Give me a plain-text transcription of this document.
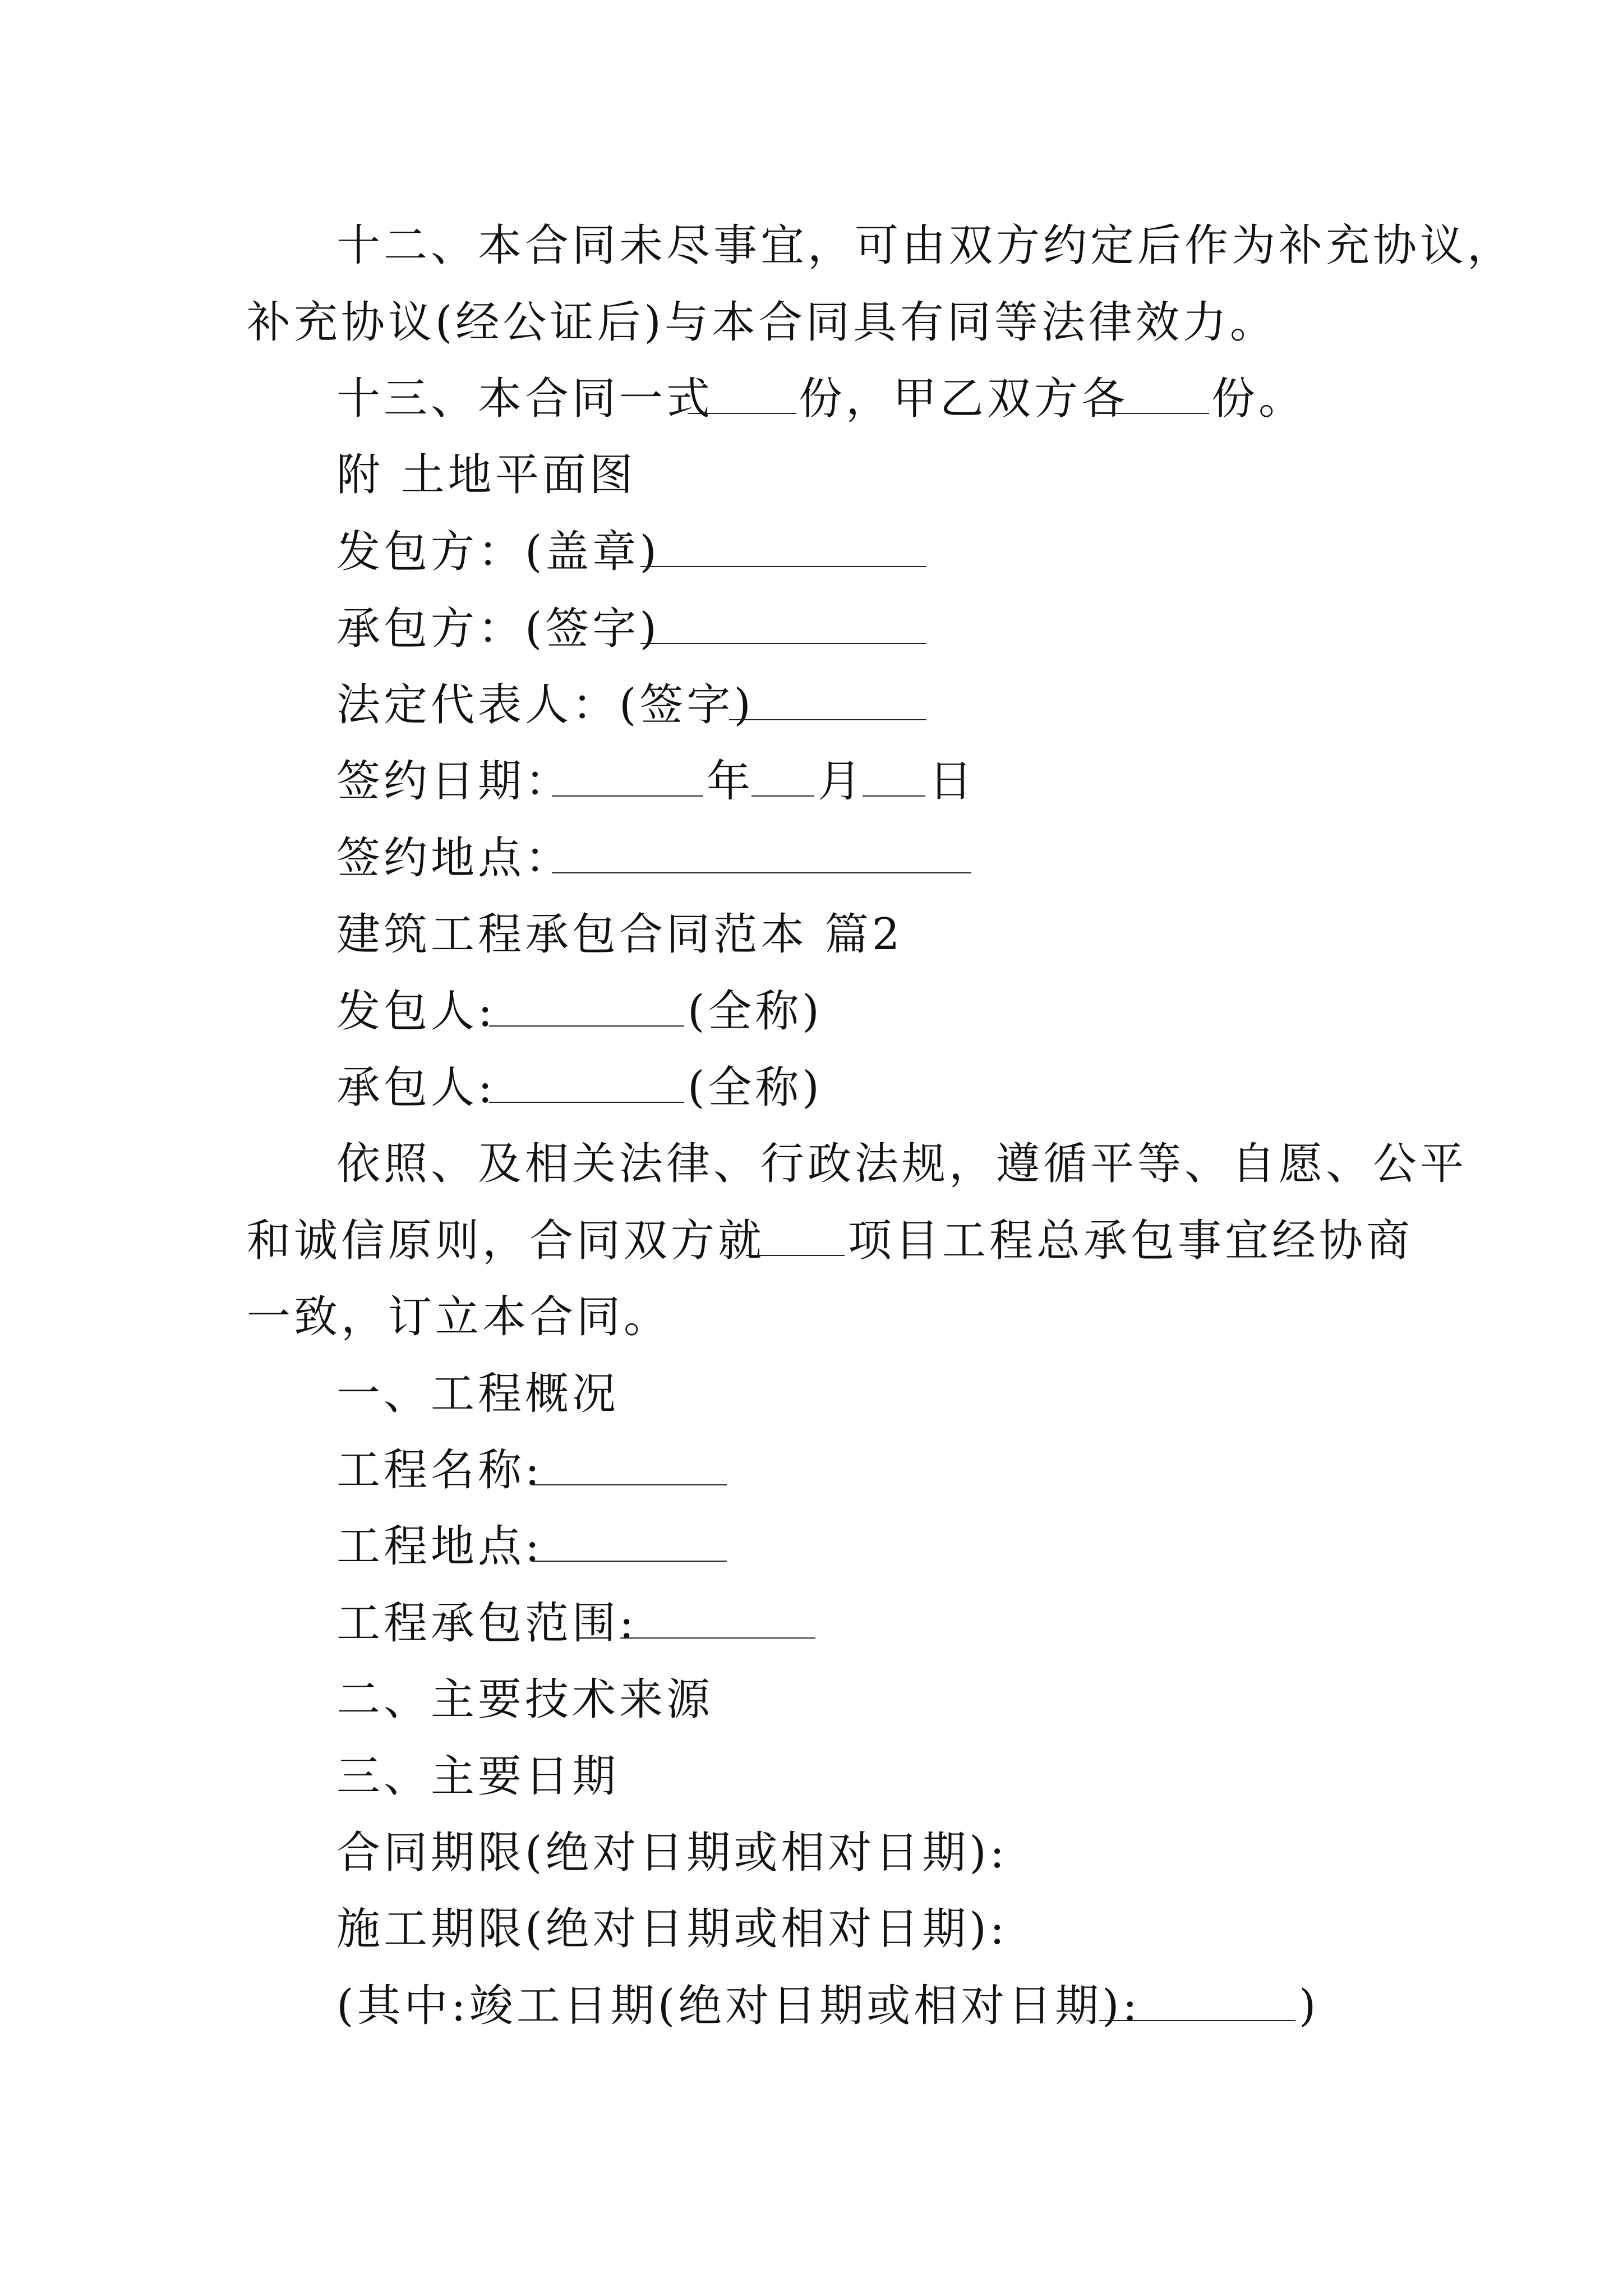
十二、本合同未尽事宜，可由双方约定后作为补充协议，
补充协议(经公证后)与本合同具有同等法律效力。
十三、本合同一式 份，甲乙双方各 份。
附 土地平面图
发包方：(盖章)
承包方：(签字)
法定代表人：(签字)
签约日期：	年 月 日
签约地点：
建筑工程承包合同范本 篇2
发包人:	(全称)
承包人:	(全称)
依照、及相关法律、行政法规，遵循平等、自愿、公平
和诚信原则，合同双方就 项目工程总承包事宜经协商
一致，订立本合同。
一、工程概况
工程名称:
工程地点:
工程承包范围:
二、主要技术来源
三、主要日期
合同期限(绝对日期或相对日期):
施工期限(绝对日期或相对日期):
(其中:竣工日期(绝对日期或相对日期):	)
